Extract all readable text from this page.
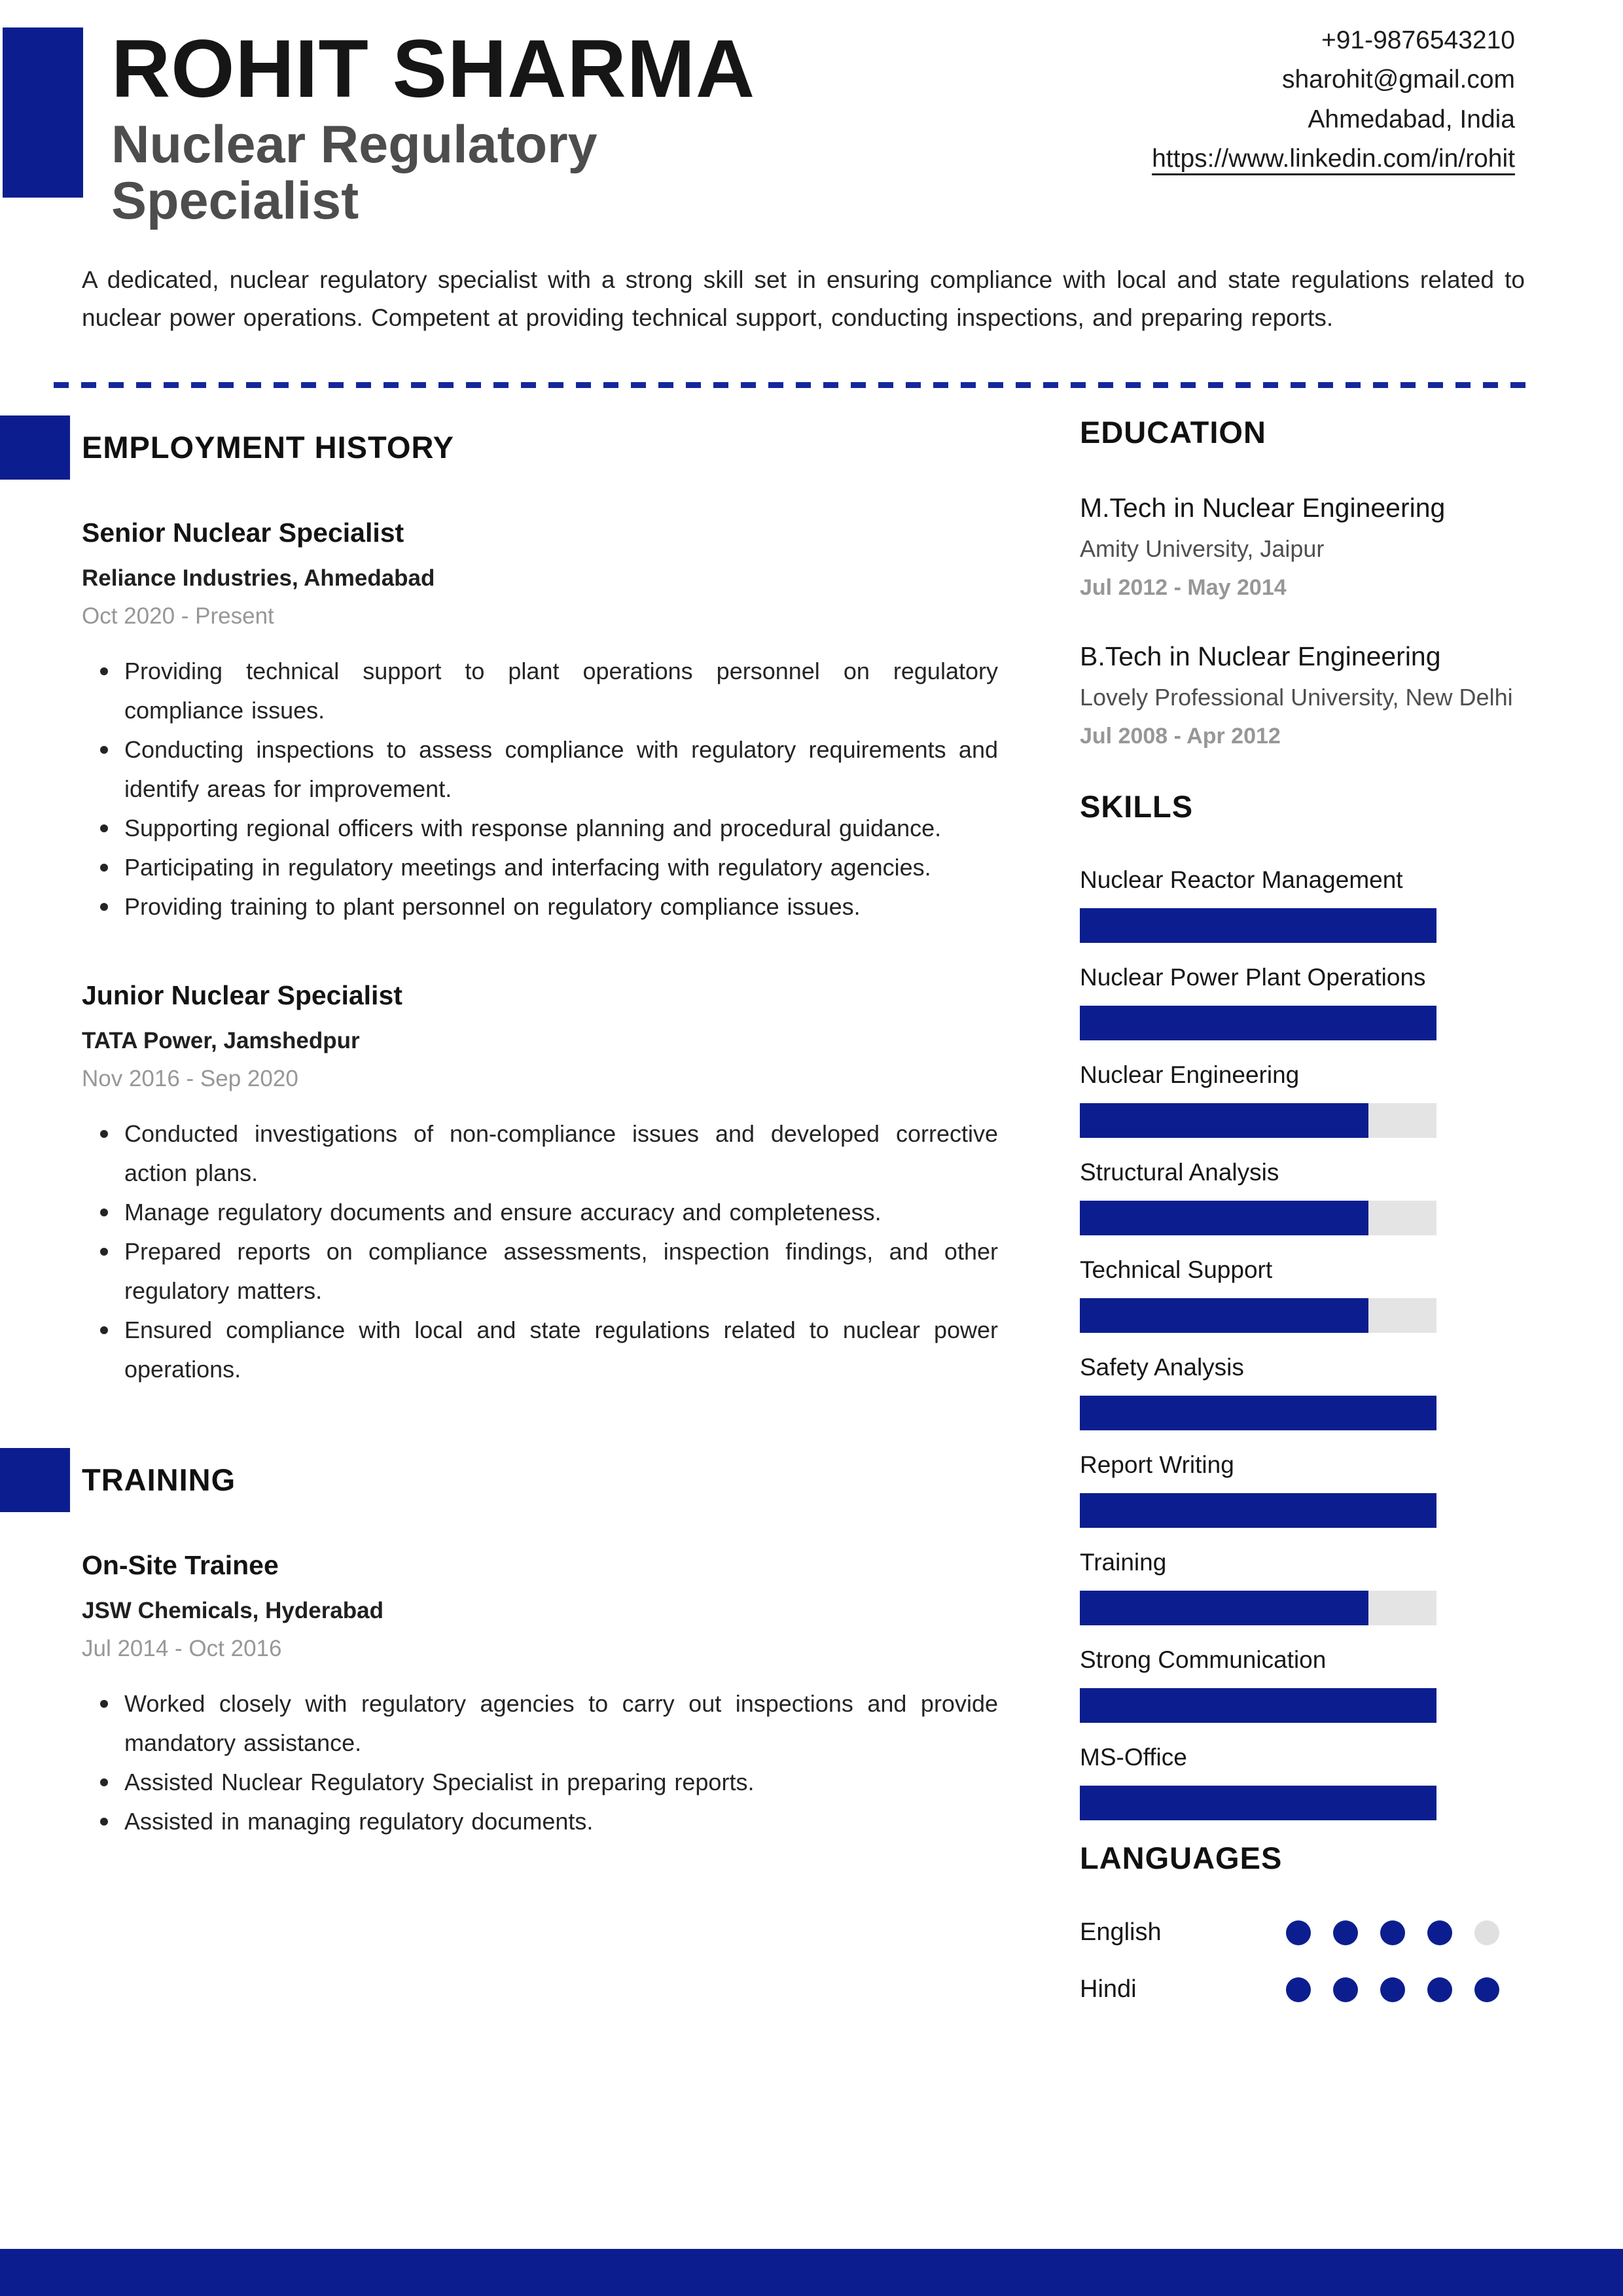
ROHIT SHARMA

Nuclear Regulatory Specialist

+91-9876543210
sharohit@gmail.com
Ahmedabad, India
https://www.linkedin.com/in/rohit

A dedicated, nuclear regulatory specialist with a strong skill set in ensuring compliance with local and state regulations related to nuclear power operations. Competent at providing technical support, conducting inspections, and preparing reports.

EMPLOYMENT HISTORY
Senior Nuclear Specialist

Reliance Industries, Ahmedabad

Oct 2020 - Present

Providing technical support to plant operations personnel on regulatory compliance issues.
Conducting inspections to assess compliance with regulatory requirements and identify areas for improvement.
Supporting regional officers with response planning and procedural guidance.
Participating in regulatory meetings and interfacing with regulatory agencies.
Providing training to plant personnel on regulatory compliance issues.
Junior Nuclear Specialist

TATA Power, Jamshedpur

Nov 2016 - Sep 2020

Conducted investigations of non-compliance issues and developed corrective action plans.
Manage regulatory documents and ensure accuracy and completeness.
Prepared reports on compliance assessments, inspection findings, and other regulatory matters.
Ensured compliance with local and state regulations related to nuclear power operations.
TRAINING
On-Site Trainee

JSW Chemicals, Hyderabad

Jul 2014 - Oct 2016

Worked closely with regulatory agencies to carry out inspections and provide mandatory assistance.
Assisted Nuclear Regulatory Specialist in preparing reports.
Assisted in managing regulatory documents.
EDUCATION
M.Tech in Nuclear Engineering

Amity University, Jaipur

Jul 2012 - May 2014

B.Tech in Nuclear Engineering

Lovely Professional University, New Delhi

Jul 2008 - Apr 2012

SKILLS

Nuclear Reactor Management

Nuclear Power Plant Operations

Nuclear Engineering

Structural Analysis

Technical Support

Safety Analysis

Report Writing

Training

Strong Communication

MS-Office

LANGUAGES
English
Hindi
